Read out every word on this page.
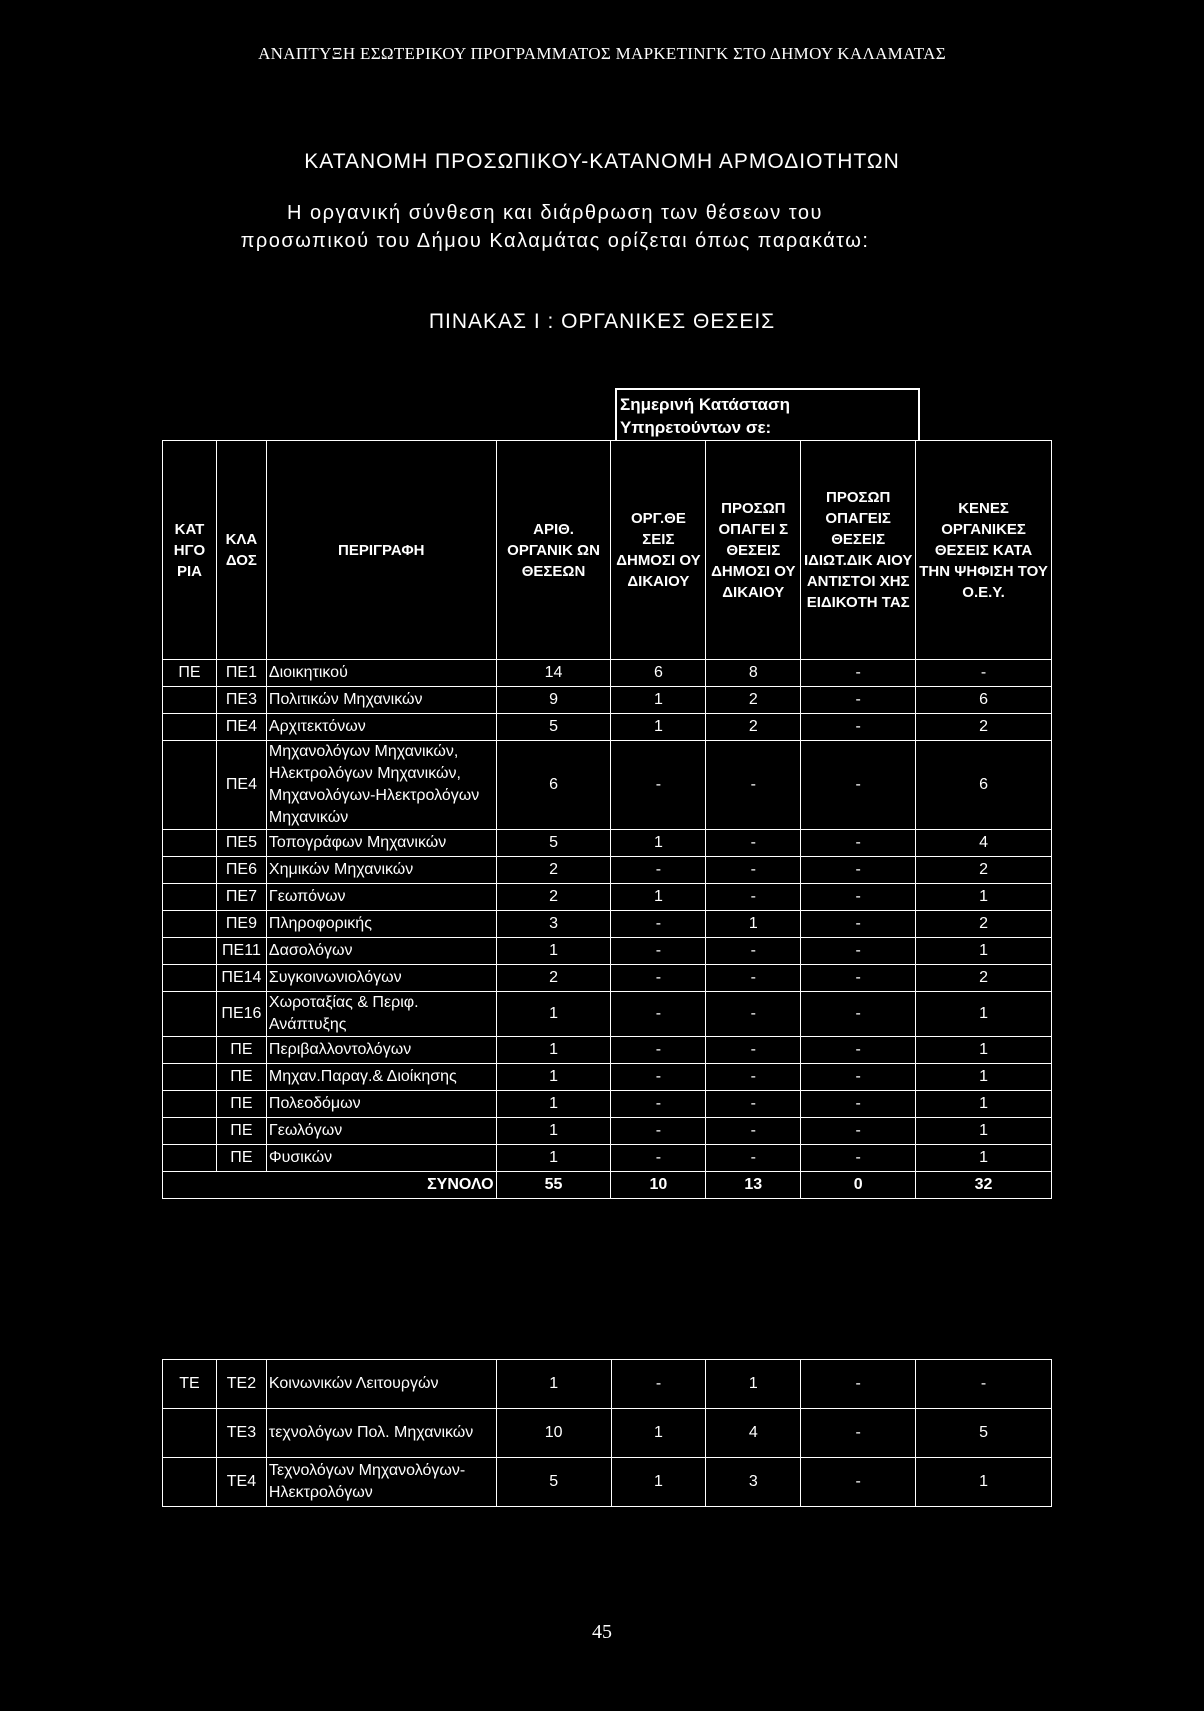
ΑΝΑΠΤΥΞΗ ΕΣΩΤΕΡΙΚΟΥ ΠΡΟΓΡΑΜΜΑΤΟΣ ΜΑΡΚΕΤΙΝΓΚ ΣΤΟ ΔΗΜΟΥ ΚΑΛΑΜΑΤΑΣ
ΚΑΤΑΝΟΜΗ ΠΡΟΣΩΠΙΚΟΥ-ΚΑΤΑΝΟΜΗ ΑΡΜΟΔΙΟΤΗΤΩΝ
Η οργανική σύνθεση και διάρθρωση των θέσεων του
προσωπικού του Δήμου Καλαμάτας ορίζεται όπως παρακάτω:
ΠΙΝΑΚΑΣ Ι : ΟΡΓΑΝΙΚΕΣ ΘΕΣΕΙΣ
Σημερινή Κατάσταση
Υπηρετούντων σε:
ΚΑΤ ΗΓΟ ΡΙΑ	ΚΛΑ ΔΟΣ	ΠΕΡΙΓΡΑΦΗ	ΑΡΙΘ. ΟΡΓΑΝΙΚ ΩΝ ΘΕΣΕΩΝ	ΟΡΓ.ΘΕ ΣΕΙΣ ΔΗΜΟΣΙ ΟΥ ΔΙΚΑΙΟΥ	ΠΡΟΣΩΠ ΟΠΑΓΕΙ Σ ΘΕΣΕΙΣ ΔΗΜΟΣΙ ΟΥ ΔΙΚΑΙΟΥ	ΠΡΟΣΩΠ ΟΠΑΓΕΙΣ ΘΕΣΕΙΣ ΙΔΙΩΤ.ΔΙΚ ΑΙΟΥ ΑΝΤΙΣΤΟΙ ΧΗΣ ΕΙΔΙΚΟΤΗ ΤΑΣ	ΚΕΝΕΣ ΟΡΓΑΝΙΚΕΣ ΘΕΣΕΙΣ ΚΑΤΑ ΤΗΝ ΨΗΦΙΣΗ ΤΟΥ Ο.Ε.Υ.
ΠΕ	ΠΕ1	Διοικητικού	14	6	8	-	-
	ΠΕ3	Πολιτικών Μηχανικών	9	1	2	-	6
	ΠΕ4	Αρχιτεκτόνων	5	1	2	-	2
	ΠΕ4	Μηχανολόγων Μηχανικών, Ηλεκτρολόγων Μηχανικών, Μηχανολόγων-Ηλεκτρολόγων Μηχανικών	6	-	-	-	6
	ΠΕ5	Τοπογράφων Μηχανικών	5	1	-	-	4
	ΠΕ6	Χημικών Μηχανικών	2	-	-	-	2
	ΠΕ7	Γεωπόνων	2	1	-	-	1
	ΠΕ9	Πληροφορικής	3	-	1	-	2
	ΠΕ11	Δασολόγων	1	-	-	-	1
	ΠΕ14	Συγκοινωνιολόγων	2	-	-	-	2
	ΠΕ16	Χωροταξίας & Περιφ. Ανάπτυξης	1	-	-	-	1
	ΠΕ	Περιβαλλοντολόγων	1	-	-	-	1
	ΠΕ	Μηχαν.Παραγ.& Διοίκησης	1	-	-	-	1
	ΠΕ	Πολεοδόμων	1	-	-	-	1
	ΠΕ	Γεωλόγων	1	-	-	-	1
	ΠΕ	Φυσικών	1	-	-	-	1
ΣΥΝΟΛΟ			55	10	13	0	32
ΤΕ	ΤΕ2	Κοινωνικών Λειτουργών	1	-	1	-	-
	ΤΕ3	τεχνολόγων Πολ. Μηχανικών	10	1	4	-	5
	ΤΕ4	Τεχνολόγων Μηχανολόγων-Ηλεκτρολόγων	5	1	3	-	1
45
